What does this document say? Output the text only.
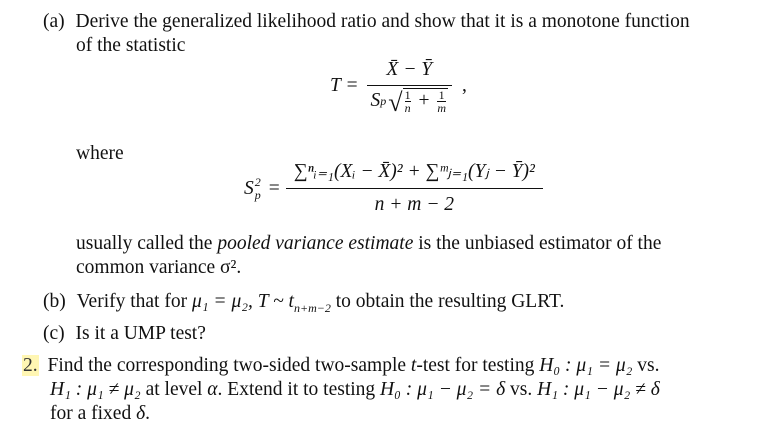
(a) Derive the generalized likelihood ratio and show that it is a monotone function
of the statistic
$T = \frac{X̄ - Ȳ}{S p √ \frac{1}{n} + \frac{1}{m}}$ ,
where
S 2
$p = \frac{\text{∑ⁿᵢ₌₁(Xᵢ − X̄)² + ∑ᵐⱼ₌₁(Yⱼ − Ȳ)²}}{n + m - 2}$
usually called the pooled variance estimate is the unbiased estimator of the
common variance σ².
(b) Verify that for μ₁ = μ₂, T ~ $t_{n+m-2}$ to obtain the resulting GLRT.
(c) Is it a UMP test?
2. Find the corresponding two-sided two-sample t-test for testing H₀ : μ₁ = μ₂ vs.
H₁ : μ₁ ≠ μ₂ at level α. Extend it to testing H₀ : μ₁ − μ₂ = δ vs. H₁ : μ₁ − μ₂ ≠ δ
for a fixed δ.
